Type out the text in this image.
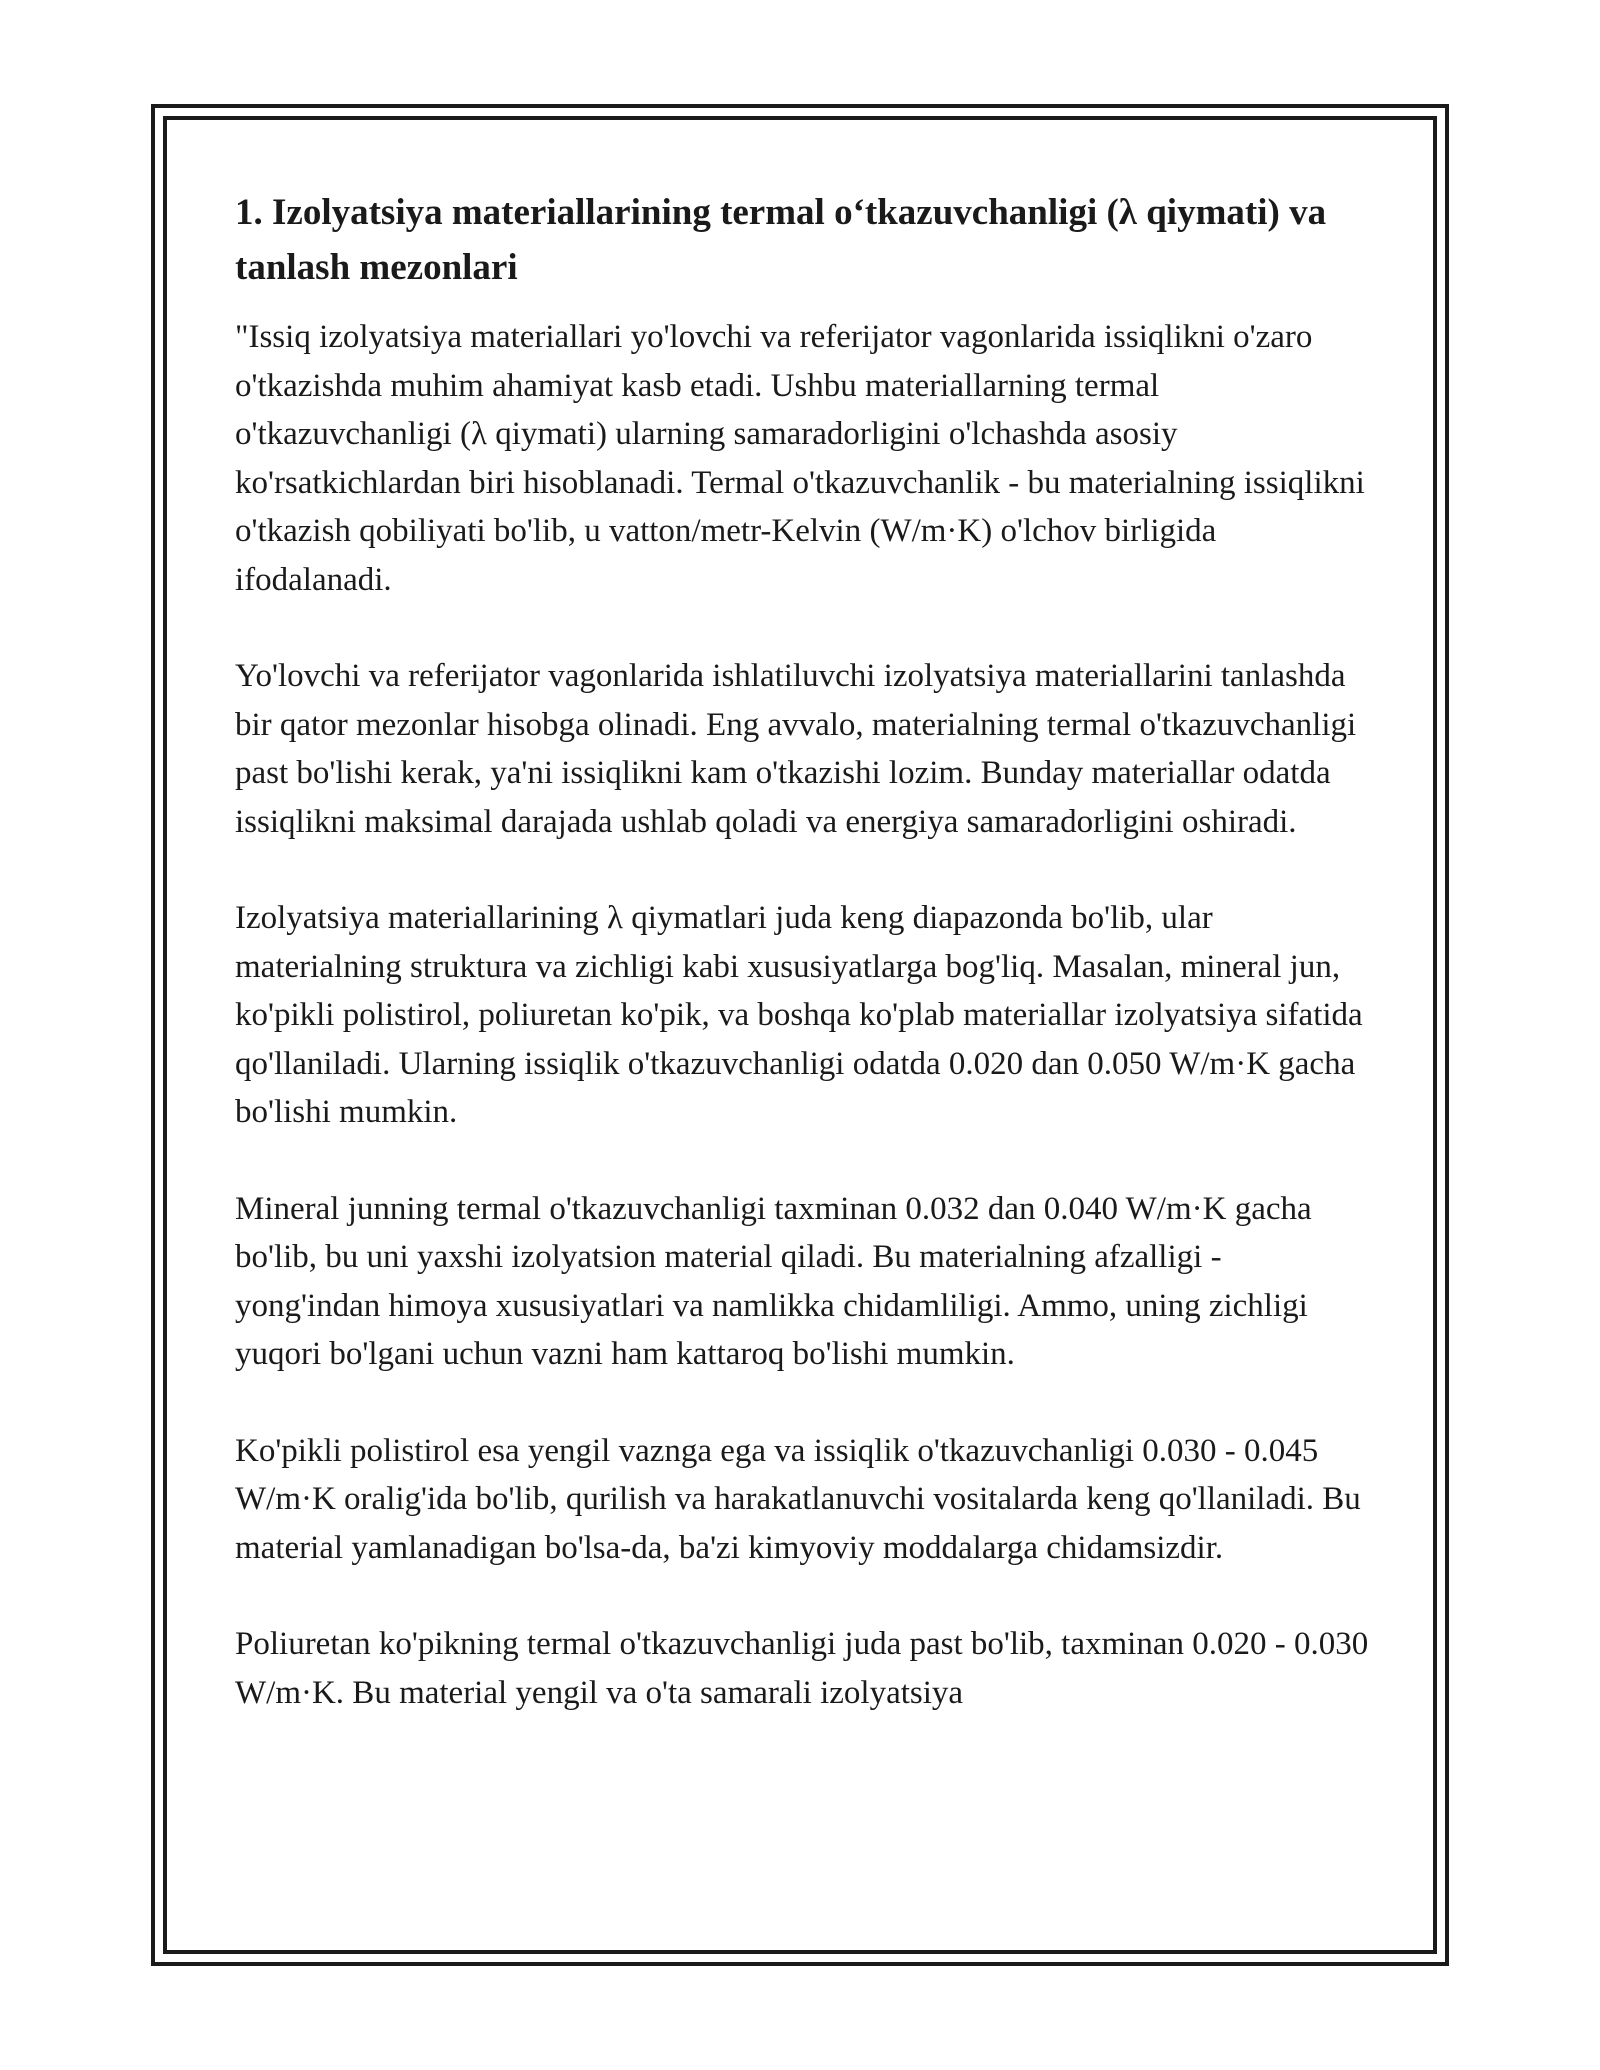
1. Izolyatsiya materiallarining termal o‘tkazuvchanligi (λ qiymati) va tanlash mezonlari

"Issiq izolyatsiya materiallari yo'lovchi va referijator vagonlarida issiqlikni o'zaro o'tkazishda muhim ahamiyat kasb etadi. Ushbu materiallarning termal o'tkazuvchanligi (λ qiymati) ularning samaradorligini o'lchashda asosiy ko'rsatkichlardan biri hisoblanadi. Termal o'tkazuvchanlik - bu materialning issiqlikni o'tkazish qobiliyati bo'lib, u vatton/metr-Kelvin (W/m·K) o'lchov birligida ifodalanadi.

Yo'lovchi va referijator vagonlarida ishlatiluvchi izolyatsiya materiallarini tanlashda bir qator mezonlar hisobga olinadi. Eng avvalo, materialning termal o'tkazuvchanligi past bo'lishi kerak, ya'ni issiqlikni kam o'tkazishi lozim. Bunday materiallar odatda issiqlikni maksimal darajada ushlab qoladi va energiya samaradorligini oshiradi.

Izolyatsiya materiallarining λ qiymatlari juda keng diapazonda bo'lib, ular materialning struktura va zichligi kabi xususiyatlarga bog'liq. Masalan, mineral jun, ko'pikli polistirol, poliuretan ko'pik, va boshqa ko'plab materiallar izolyatsiya sifatida qo'llaniladi. Ularning issiqlik o'tkazuvchanligi odatda 0.020 dan 0.050 W/m·K gacha bo'lishi mumkin.

Mineral junning termal o'tkazuvchanligi taxminan 0.032 dan 0.040 W/m·K gacha bo'lib, bu uni yaxshi izolyatsion material qiladi. Bu materialning afzalligi - yong'indan himoya xususiyatlari va namlikka chidamliligi. Ammo, uning zichligi yuqori bo'lgani uchun vazni ham kattaroq bo'lishi mumkin.

Ko'pikli polistirol esa yengil vaznga ega va issiqlik o'tkazuvchanligi 0.030 - 0.045 W/m·K oralig'ida bo'lib, qurilish va harakatlanuvchi vositalarda keng qo'llaniladi. Bu material yamlanadigan bo'lsa-da, ba'zi kimyoviy moddalarga chidamsizdir.

Poliuretan ko'pikning termal o'tkazuvchanligi juda past bo'lib, taxminan 0.020 - 0.030 W/m·K. Bu material yengil va o'ta samarali izolyatsiya
